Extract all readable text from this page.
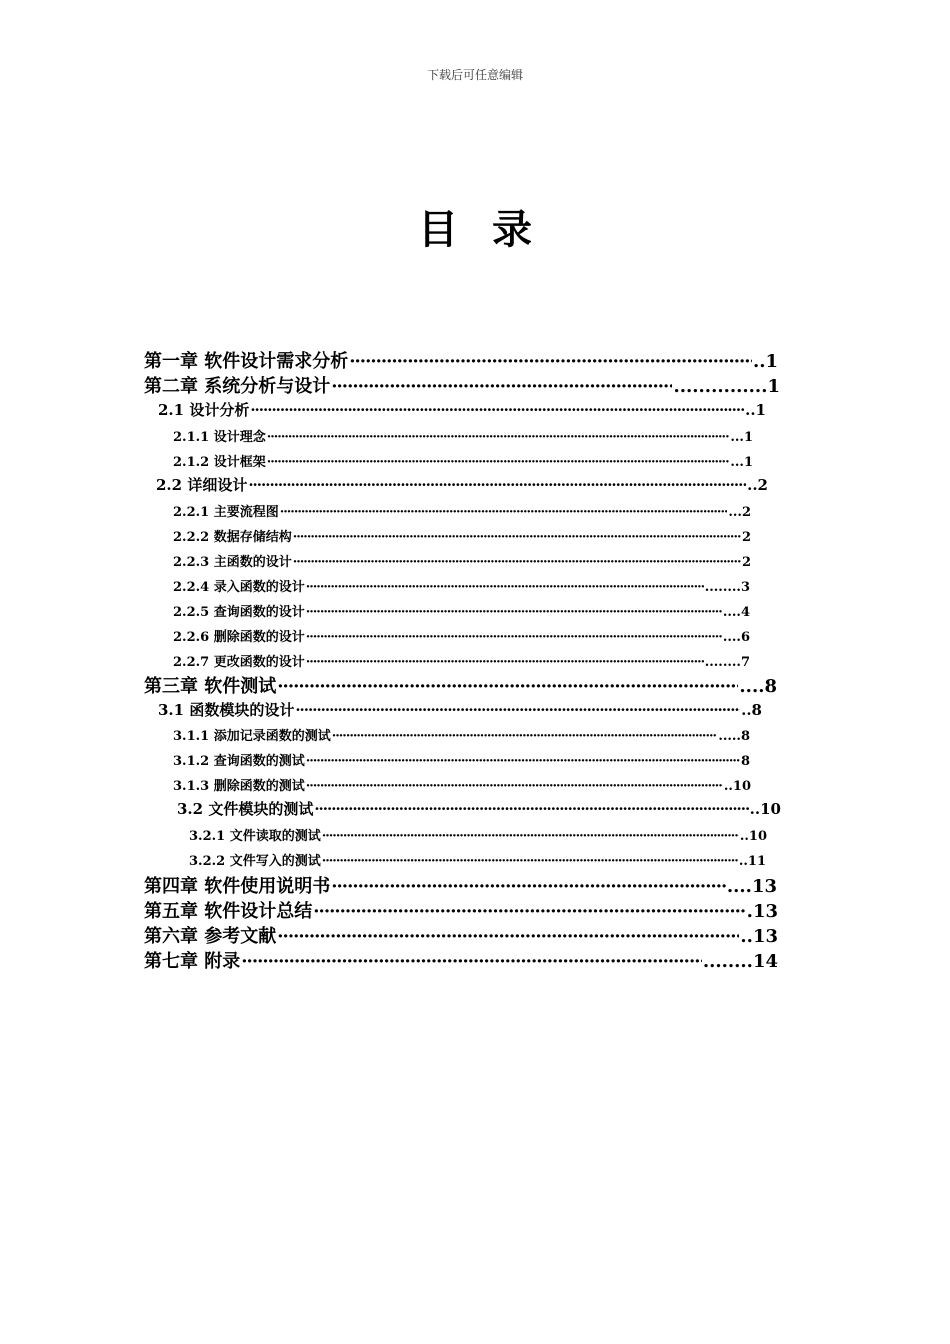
下载后可任意编辑
目 录
第一章 软件设计需求分析 ·····	..1
第二章 系统分析与设计 ·····	...............1
2.1 设计分析 ·····	..1
2.1.1 设计理念 ·····	...1
2.1.2 设计框架 ·····	...1
2.2 详细设计 ·····	..2
2.2.1 主要流程图 ·····	...2
2.2.2 数据存储结构 ·····	2
2.2.3 主函数的设计 ·····	2
2.2.4 录入函数的设计 ·····	........3
2.2.5 查询函数的设计 ·····	....4
2.2.6 删除函数的设计 ·····	....6
2.2.7 更改函数的设计 ·····	........7
第三章 软件测试 ·····	....8
3.1 函数模块的设计 ·····	..8
3.1.1 添加记录函数的测试 ·····	.....8
3.1.2 查询函数的测试 ·····	8
3.1.3 删除函数的测试 ·····	..10
3.2 文件模块的测试 ·····	..10
3.2.1 文件读取的测试 ·····	..10
3.2.2 文件写入的测试 ·····	..11
第四章 软件使用说明书 ·····	....13
第五章 软件设计总结 ·····	.13
第六章 参考文献 ·····	..13
第七章 附录 ·····	........14
